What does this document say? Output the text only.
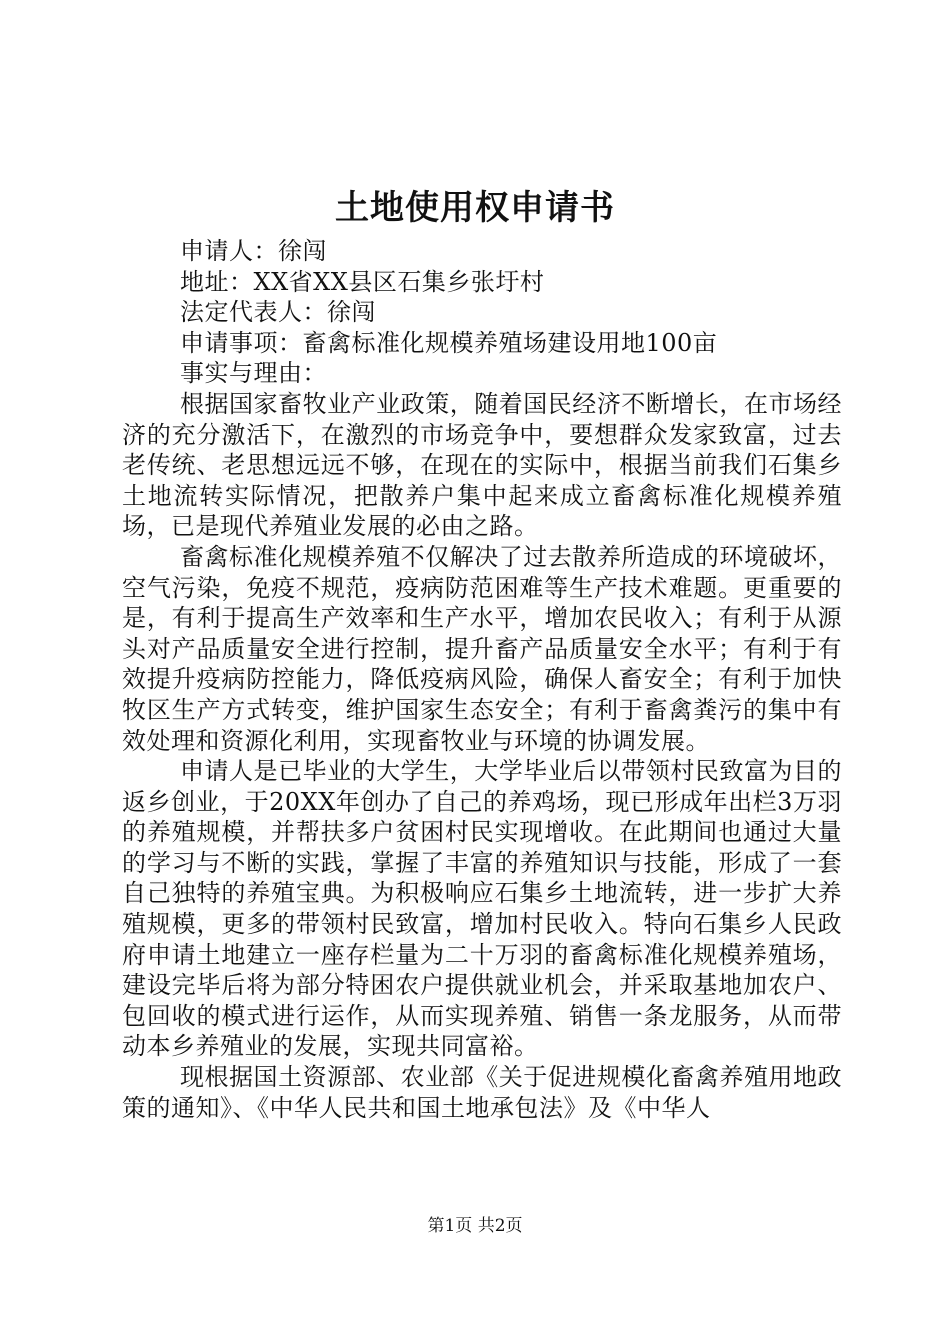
土地使用权申请书

申请人：徐闯

地址：XX省XX县区石集乡张圩村

法定代表人：徐闯

申请事项：畜禽标准化规模养殖场建设用地100亩

事实与理由：

根据国家畜牧业产业政策，随着国民经济不断增长，在市场经济的充分激活下，在激烈的市场竞争中，要想群众发家致富，过去老传统、老思想远远不够，在现在的实际中，根据当前我们石集乡土地流转实际情况，把散养户集中起来成立畜禽标准化规模养殖场，已是现代养殖业发展的必由之路。

畜禽标准化规模养殖不仅解决了过去散养所造成的环境破坏，空气污染，免疫不规范，疫病防范困难等生产技术难题。更重要的是，有利于提高生产效率和生产水平，增加农民收入；有利于从源头对产品质量安全进行控制，提升畜产品质量安全水平；有利于有效提升疫病防控能力，降低疫病风险，确保人畜安全；有利于加快牧区生产方式转变，维护国家生态安全；有利于畜禽粪污的集中有效处理和资源化利用，实现畜牧业与环境的协调发展。

申请人是已毕业的大学生，大学毕业后以带领村民致富为目的返乡创业，于20XX年创办了自己的养鸡场，现已形成年出栏3万羽的养殖规模，并帮扶多户贫困村民实现增收。在此期间也通过大量的学习与不断的实践，掌握了丰富的养殖知识与技能，形成了一套自己独特的养殖宝典。为积极响应石集乡土地流转，进一步扩大养殖规模，更多的带领村民致富，增加村民收入。特向石集乡人民政府申请土地建立一座存栏量为二十万羽的畜禽标准化规模养殖场，建设完毕后将为部分特困农户提供就业机会，并采取基地加农户、包回收的模式进行运作，从而实现养殖、销售一条龙服务，从而带动本乡养殖业的发展，实现共同富裕。

现根据国土资源部、农业部《关于促进规模化畜禽养殖用地政策的通知》、《中华人民共和国土地承包法》及《中华人

第1页 共2页
